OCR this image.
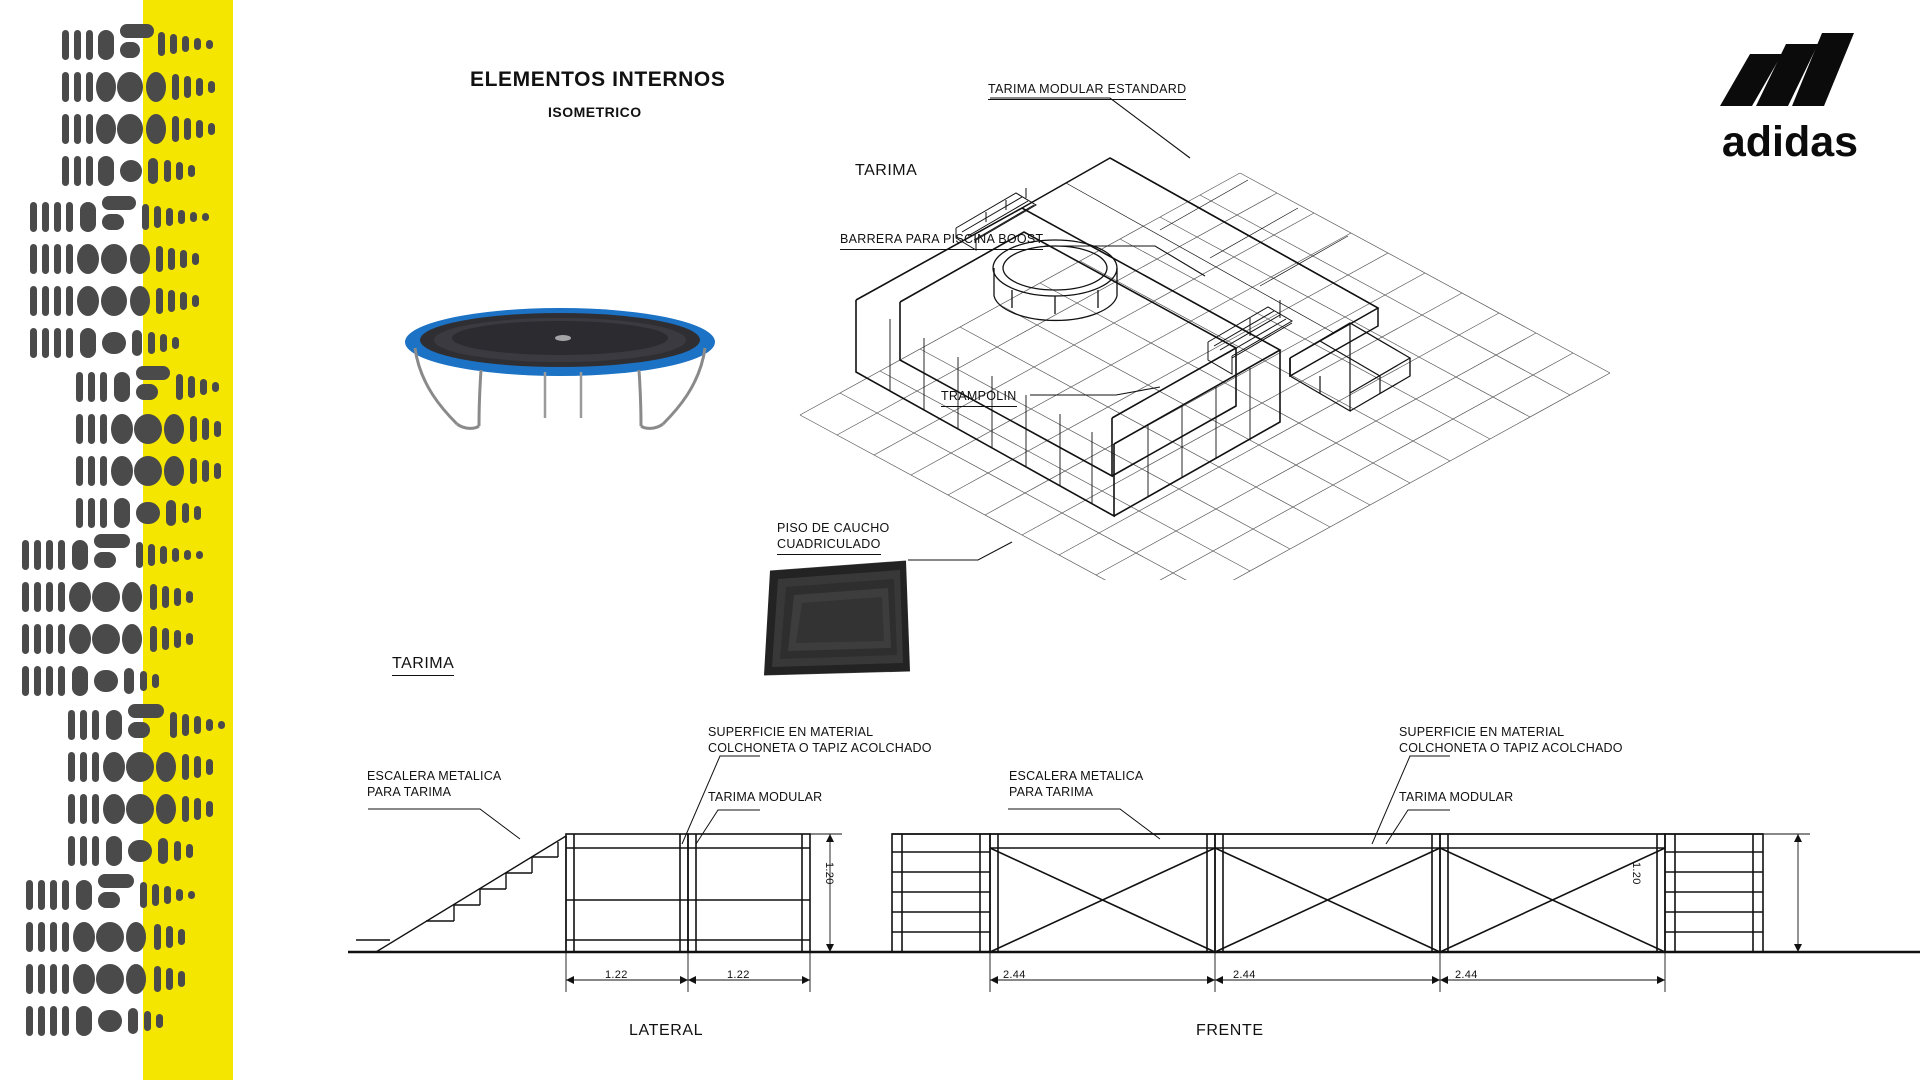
adidas
ELEMENTOS INTERNOS
ISOMETRICO
TARIMA
TARIMA
TARIMA MODULAR ESTANDARD
BARRERA PARA PISCINA BOOST
TRAMPOLIN
PISO DE CAUCHO
CUADRICULADO
ESCALERA METALICA
PARA TARIMA
SUPERFICIE EN MATERIAL
COLCHONETA O TAPIZ ACOLCHADO
TARIMA MODULAR
ESCALERA METALICA
PARA TARIMA
SUPERFICIE EN MATERIAL
COLCHONETA O TAPIZ ACOLCHADO
TARIMA MODULAR
1.22	1.22	2.44	2.44	2.44
1.20	1.20
LATERAL	FRENTE
